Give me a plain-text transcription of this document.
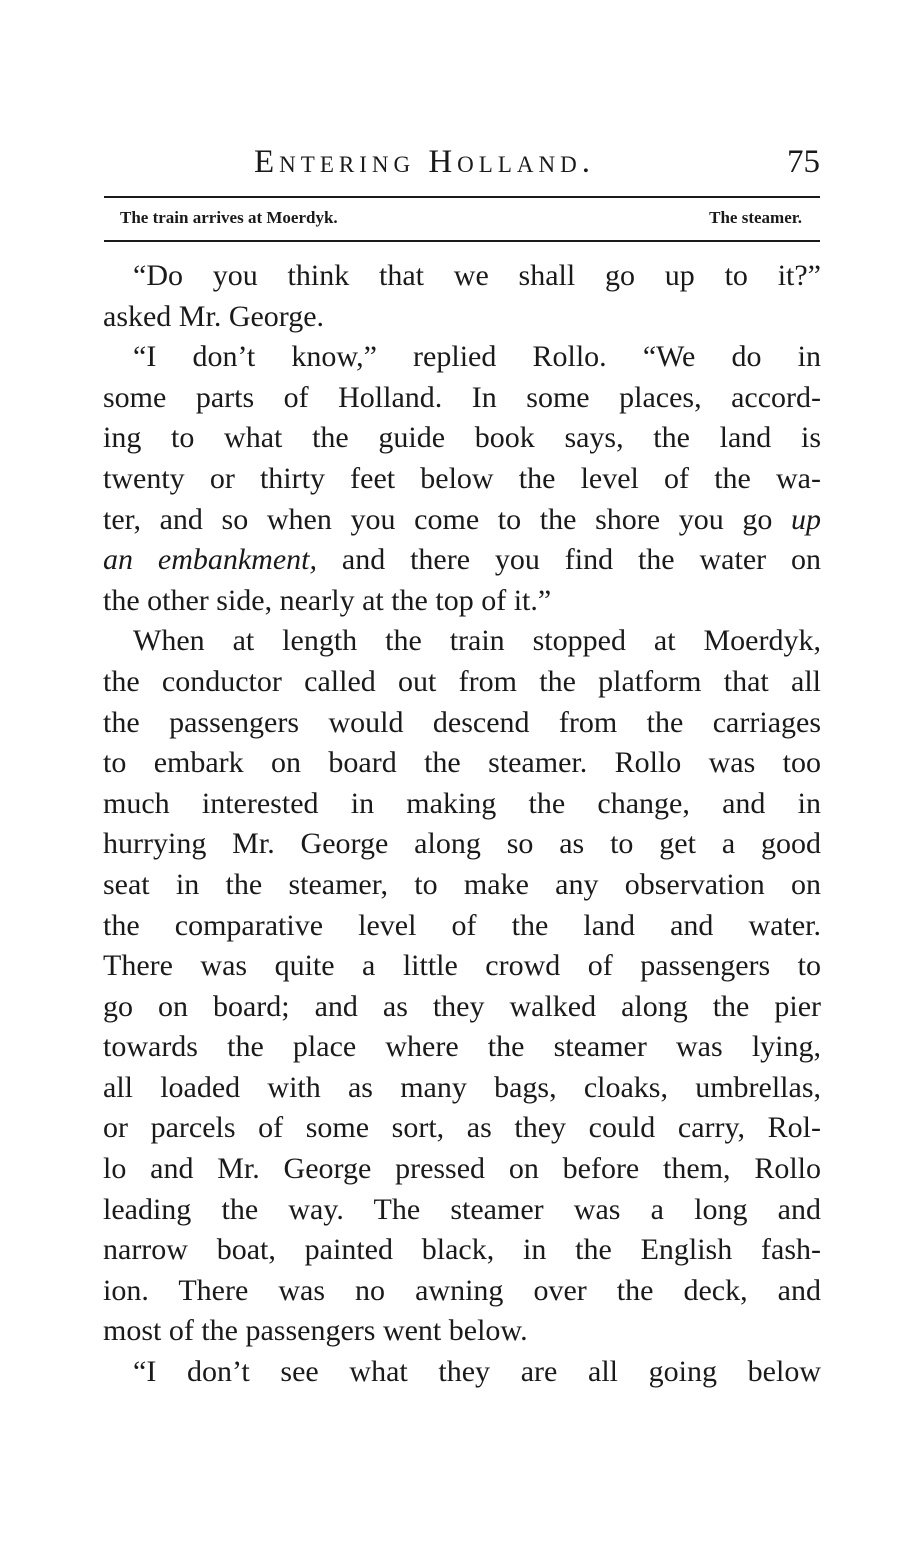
Entering Holland.	75
The train arrives at Moerdyk.	The steamer.
“Do you think that we shall go up to it?”
asked Mr. George.
“I don’t know,” replied Rollo. “We do in
some parts of Holland. In some places, accord-
ing to what the guide book says, the land is
twenty or thirty feet below the level of the wa-
ter, and so when you come to the shore you go up
an embankment, and there you find the water on
the other side, nearly at the top of it.”
When at length the train stopped at Moerdyk,
the conductor called out from the platform that all
the passengers would descend from the carriages
to embark on board the steamer. Rollo was too
much interested in making the change, and in
hurrying Mr. George along so as to get a good
seat in the steamer, to make any observation on
the comparative level of the land and water.
There was quite a little crowd of passengers to
go on board; and as they walked along the pier
towards the place where the steamer was lying,
all loaded with as many bags, cloaks, umbrellas,
or parcels of some sort, as they could carry, Rol-
lo and Mr. George pressed on before them, Rollo
leading the way. The steamer was a long and
narrow boat, painted black, in the English fash-
ion. There was no awning over the deck, and
most of the passengers went below.
“I don’t see what they are all going below
